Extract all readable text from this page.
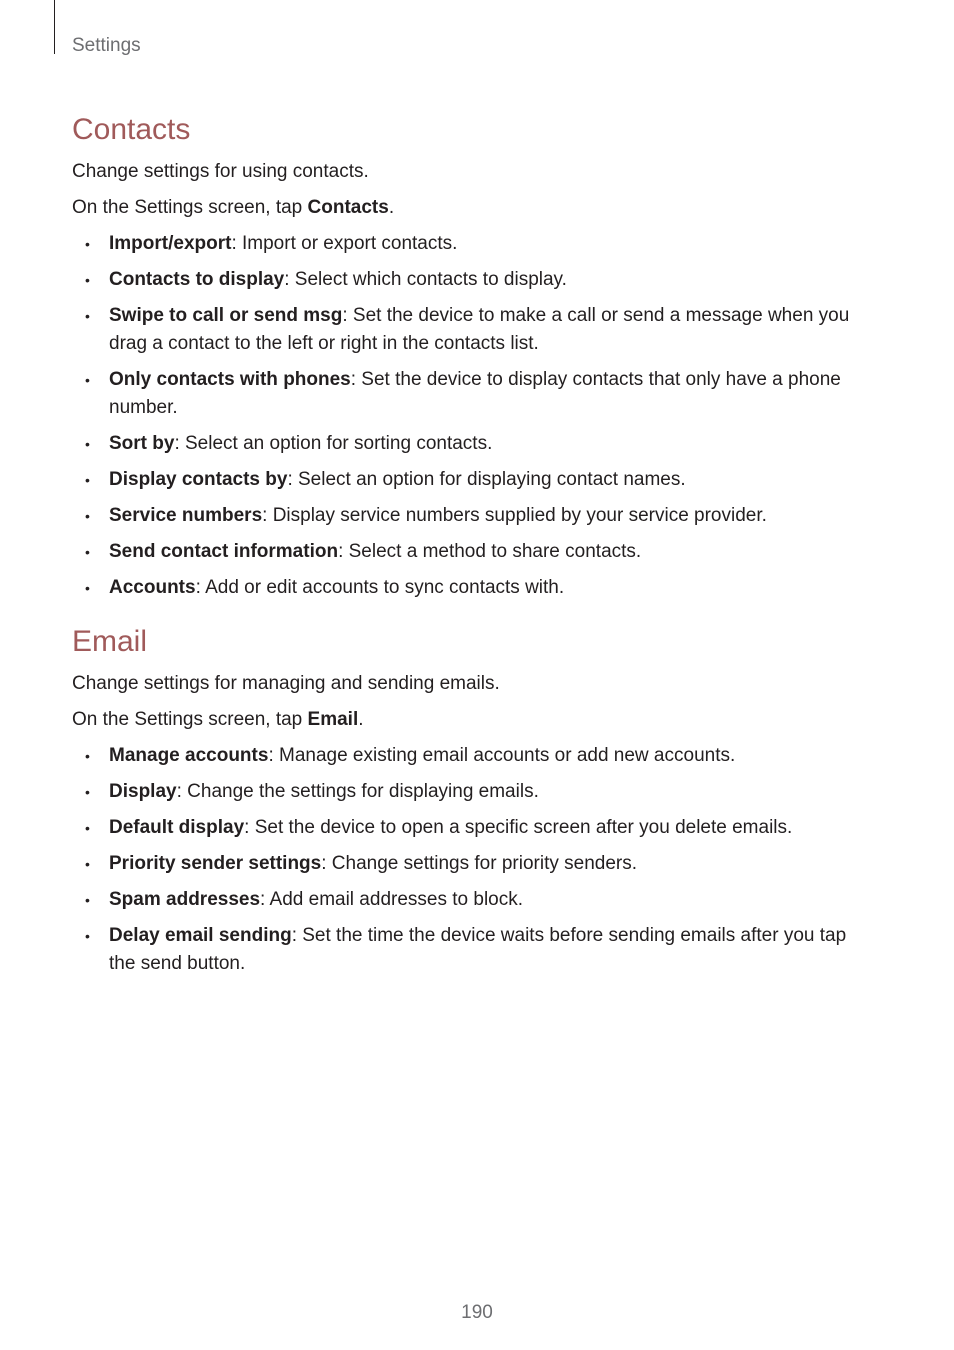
Settings
Contacts

Change settings for using contacts.

On the Settings screen, tap Contacts.

• Import/export: Import or export contacts.
• Contacts to display: Select which contacts to display.
• Swipe to call or send msg: Set the device to make a call or send a message when you drag a contact to the left or right in the contacts list.
• Only contacts with phones: Set the device to display contacts that only have a phone number.
• Sort by: Select an option for sorting contacts.
• Display contacts by: Select an option for displaying contact names.
• Service numbers: Display service numbers supplied by your service provider.
• Send contact information: Select a method to share contacts.
• Accounts: Add or edit accounts to sync contacts with.
Email

Change settings for managing and sending emails.

On the Settings screen, tap Email.

• Manage accounts: Manage existing email accounts or add new accounts.
• Display: Change the settings for displaying emails.
• Default display: Set the device to open a specific screen after you delete emails.
• Priority sender settings: Change settings for priority senders.
• Spam addresses: Add email addresses to block.
• Delay email sending: Set the time the device waits before sending emails after you tap the send button.
190
